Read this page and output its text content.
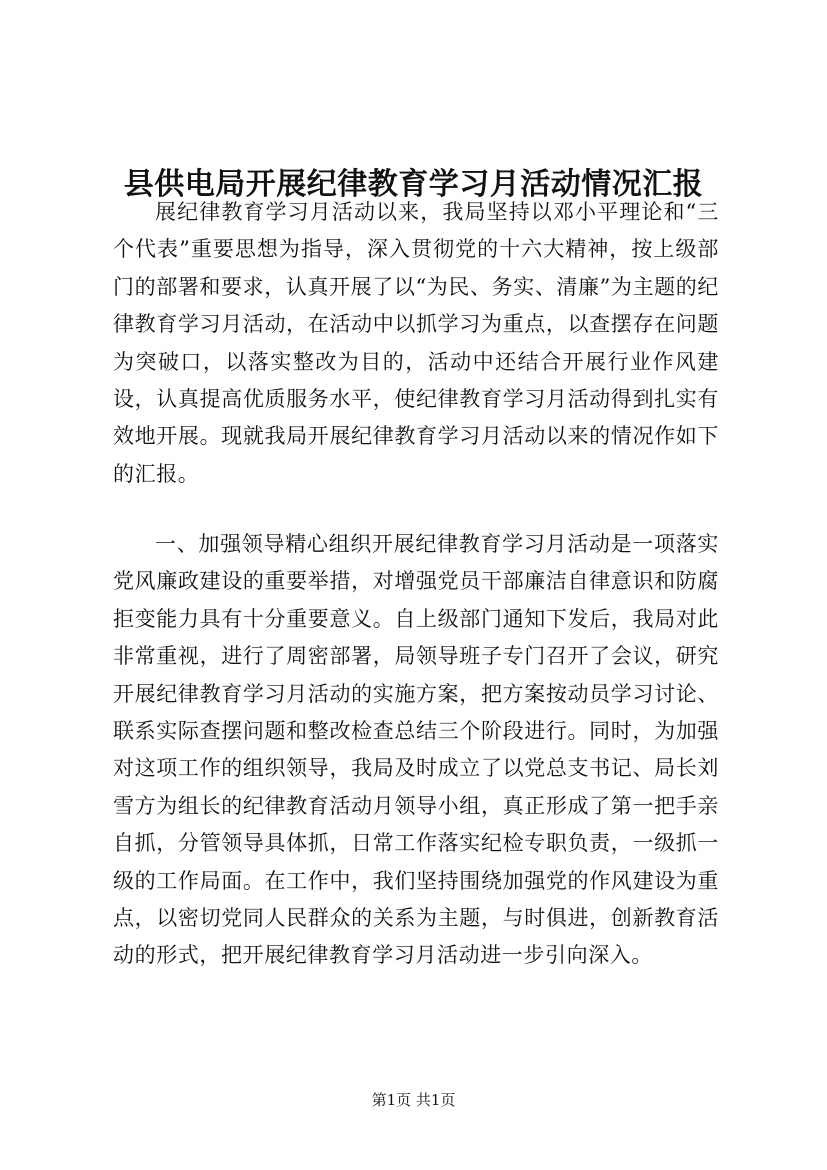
县供电局开展纪律教育学习月活动情况汇报

展纪律教育学习月活动以来，我局坚持以邓小平理论和“三个代表”重要思想为指导，深入贯彻党的十六大精神，按上级部门的部署和要求，认真开展了以“为民、务实、清廉”为主题的纪律教育学习月活动，在活动中以抓学习为重点，以查摆存在问题为突破口，以落实整改为目的，活动中还结合开展行业作风建设，认真提高优质服务水平，使纪律教育学习月活动得到扎实有效地开展。现就我局开展纪律教育学习月活动以来的情况作如下的汇报。

一、加强领导精心组织开展纪律教育学习月活动是一项落实党风廉政建设的重要举措，对增强党员干部廉洁自律意识和防腐拒变能力具有十分重要意义。自上级部门通知下发后，我局对此非常重视，进行了周密部署，局领导班子专门召开了会议，研究开展纪律教育学习月活动的实施方案，把方案按动员学习讨论、联系实际查摆问题和整改检查总结三个阶段进行。同时，为加强对这项工作的组织领导，我局及时成立了以党总支书记、局长刘雪方为组长的纪律教育活动月领导小组，真正形成了第一把手亲自抓，分管领导具体抓，日常工作落实纪检专职负责，一级抓一级的工作局面。在工作中，我们坚持围绕加强党的作风建设为重点，以密切党同人民群众的关系为主题，与时俱进，创新教育活动的形式，把开展纪律教育学习月活动进一步引向深入。

第1页 共1页
